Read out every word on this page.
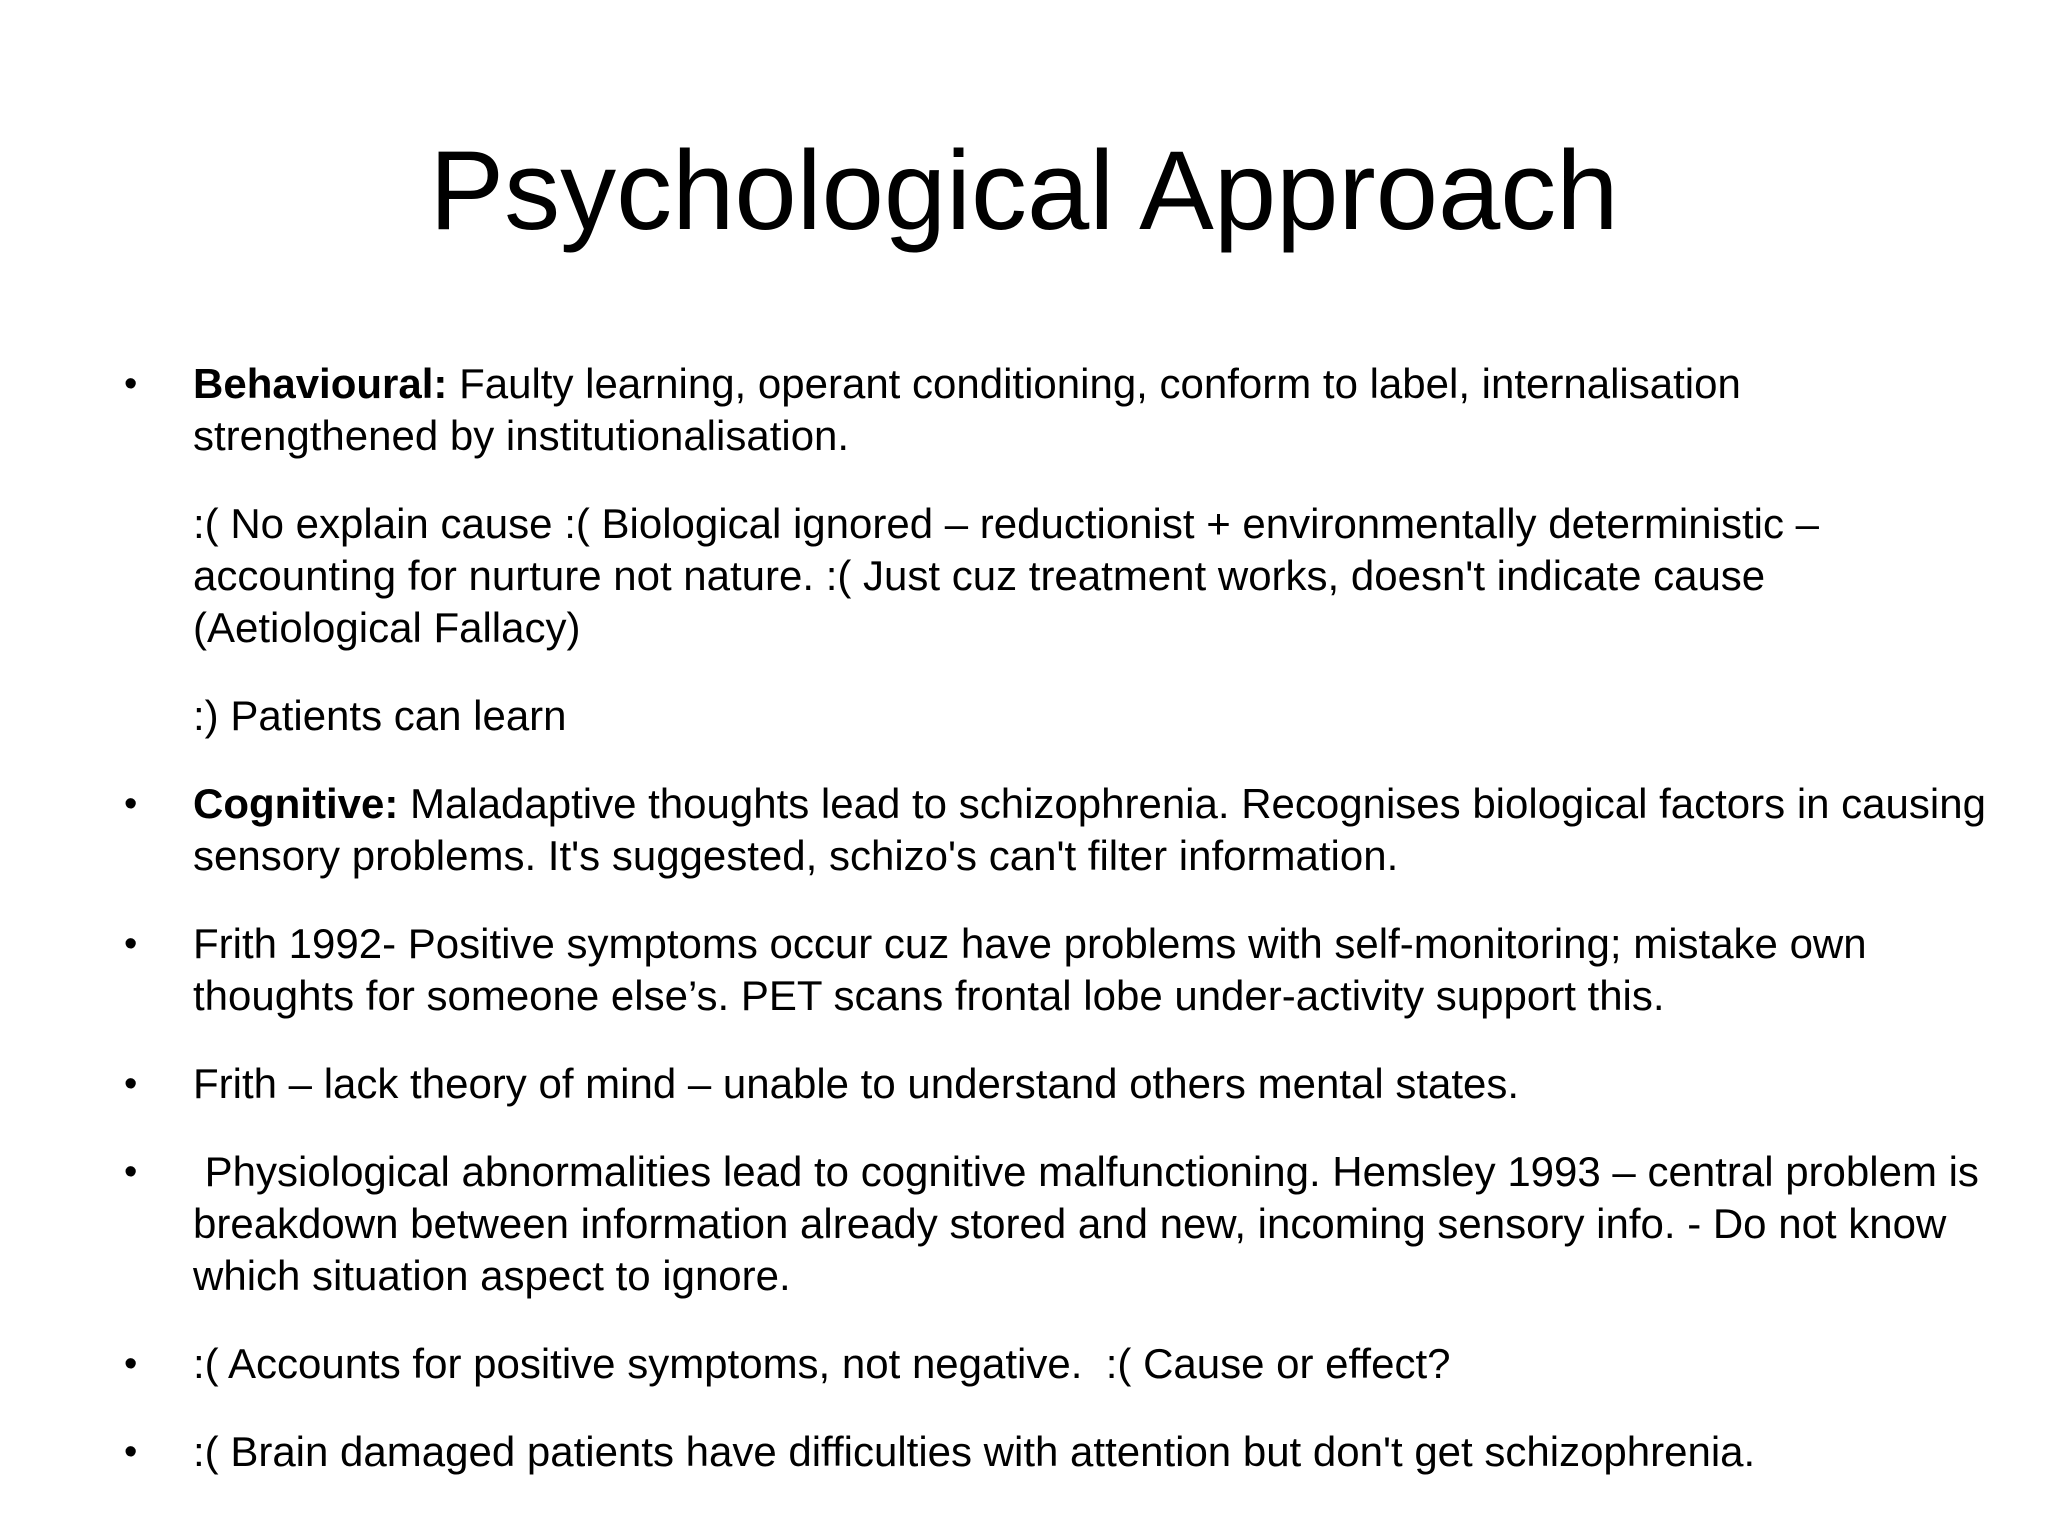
Psychological Approach

• Behavioural: Faulty learning, operant conditioning, conform to label, internalisation strengthened by institutionalisation.

:( No explain cause :( Biological ignored – reductionist + environmentally deterministic – accounting for nurture not nature. :( Just cuz treatment works, doesn't indicate cause (Aetiological Fallacy)

:) Patients can learn

• Cognitive: Maladaptive thoughts lead to schizophrenia. Recognises biological factors in causing sensory problems. It's suggested, schizo's can't filter information.

• Frith 1992- Positive symptoms occur cuz have problems with self-monitoring; mistake own thoughts for someone else’s. PET scans frontal lobe under-activity support this.

• Frith – lack theory of mind – unable to understand others mental states.

• Physiological abnormalities lead to cognitive malfunctioning. Hemsley 1993 – central problem is breakdown between information already stored and new, incoming sensory info. - Do not know which situation aspect to ignore.

• :( Accounts for positive symptoms, not negative.  :( Cause or effect?

• :( Brain damaged patients have difficulties with attention but don't get schizophrenia.
